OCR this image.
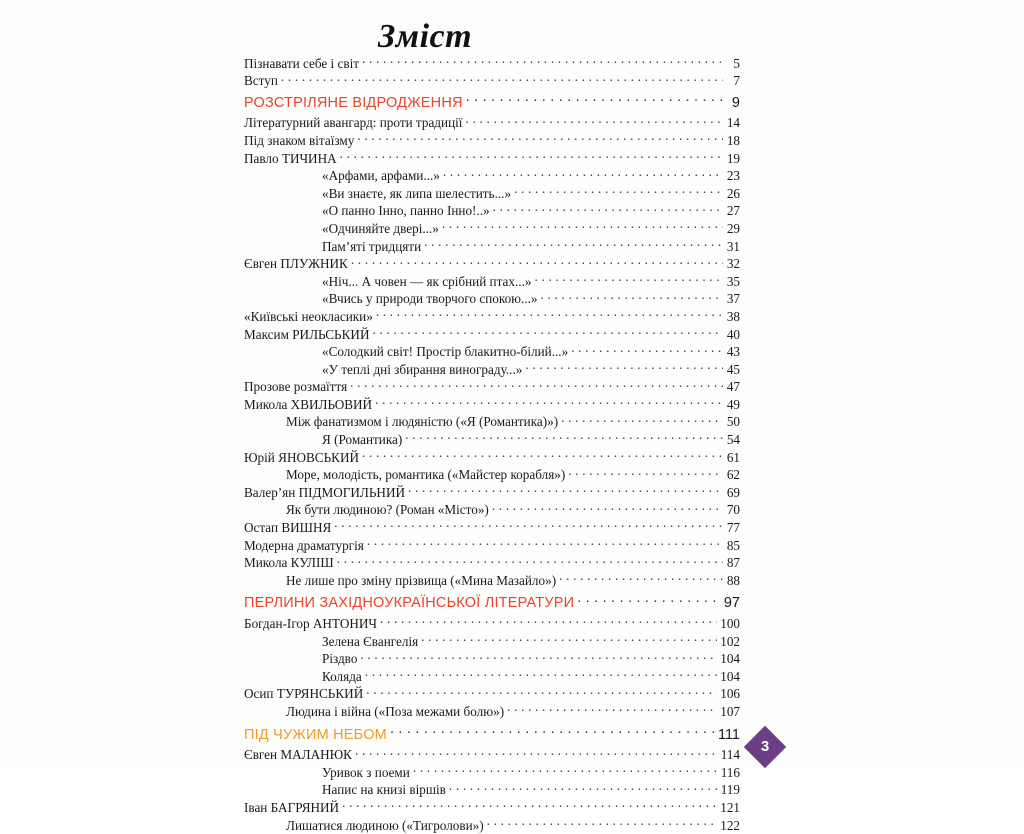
Зміст
Пізнавати себе і світ . . .	5
Вступ . . .	7
РОЗСТРІЛЯНЕ ВІДРОДЖЕННЯ . . .	9
Літературний авангард: проти традиції . . .	14
Під знаком вітаїзму . . .	18
Павло ТИЧИНА . . .	19
«Арфами, арфами...» . . .	23
«Ви знаєте, як липа шелестить...» . . .	26
«О панно Інно, панно Інно!..» . . .	27
«Одчиняйте двері...» . . .	29
Пам’яті тридцяти . . .	31
Євген ПЛУЖНИК . . .	32
«Ніч... А човен — як срібний птах...» . . .	35
«Вчись у природи творчого спокою...» . . .	37
«Київські неокласики» . . .	38
Максим РИЛЬСЬКИЙ . . .	40
«Солодкий світ! Простір блакитно-білий...» . . .	43
«У теплі дні збирання винограду...» . . .	45
Прозове розмаїття . . .	47
Микола ХВИЛЬОВИЙ . . .	49
Між фанатизмом і людяністю («Я (Романтика)») . . .	50
Я (Романтика) . . .	54
Юрій ЯНОВСЬКИЙ . . .	61
Море, молодість, романтика («Майстер корабля») . . .	62
Валер’ян ПІДМОГИЛЬНИЙ . . .	69
Як бути людиною? (Роман «Місто») . . .	70
Остап ВИШНЯ . . .	77
Модерна драматургія . . .	85
Микола КУЛІШ . . .	87
Не лише про зміну прізвища («Мина Мазайло») . . .	88
ПЕРЛИНИ ЗАХІДНОУКРАЇНСЬКОЇ ЛІТЕРАТУРИ . . .	97
Богдан-Ігор АНТОНИЧ . . .	100
Зелена Євангелія . . .	102
Різдво . . .	104
Коляда . . .	104
Осип ТУРЯНСЬКИЙ . . .	106
Людина і війна («Поза межами болю») . . .	107
ПІД ЧУЖИМ НЕБОМ . . .	111
Євген МАЛАНЮК . . .	114
Уривок з поеми . . .	116
Напис на книзі віршів . . .	119
Іван БАГРЯНИЙ . . .	121
Лишатися людиною («Тигролови») . . .	122
3
